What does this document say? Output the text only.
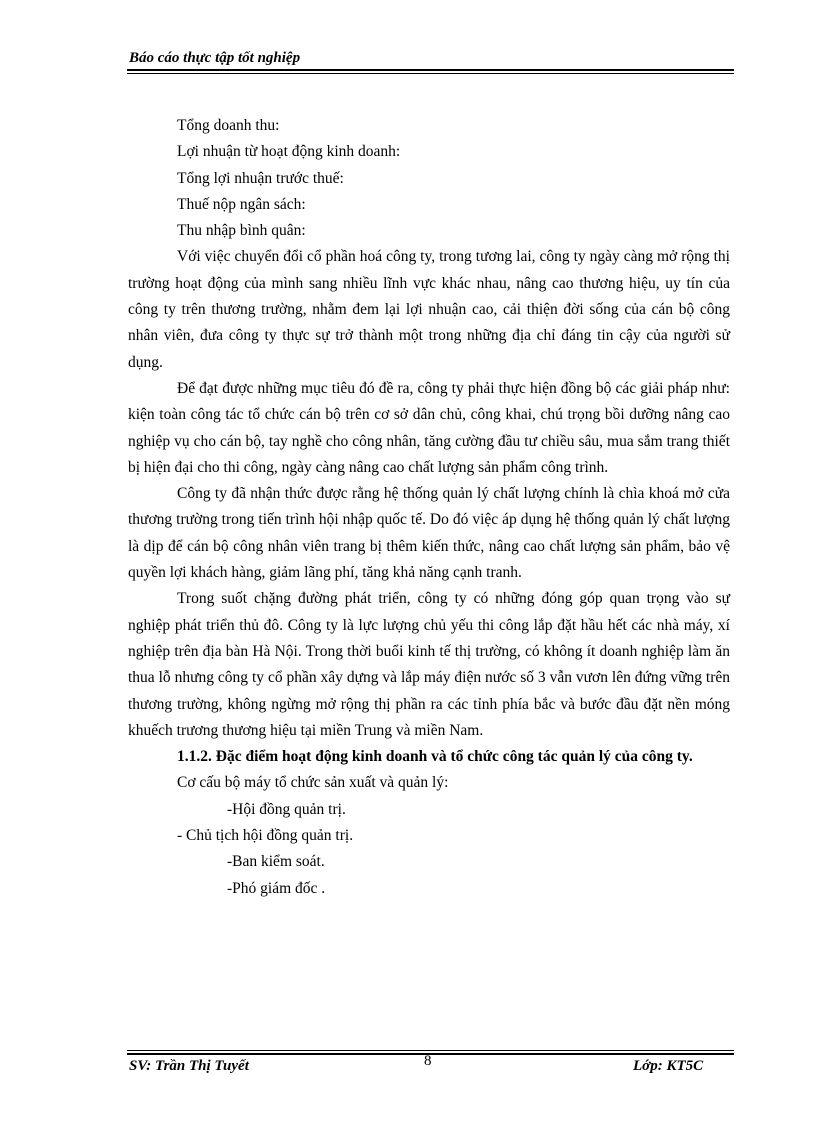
Báo cáo thực tập tốt nghiệp

Tổng doanh thu:

Lợi nhuận từ hoạt động kinh doanh:

Tổng lợi nhuận trước thuế:

Thuế nộp ngân sách:

Thu nhập bình quân:

Với việc chuyển đổi cổ phần hoá công ty, trong tương lai, công ty ngày càng mở rộng thị trường hoạt động của mình sang nhiều lĩnh vực khác nhau, nâng cao thương hiệu, uy tín của công ty trên thương trường, nhằm đem lại lợi nhuận cao, cải thiện đời sống của cán bộ công nhân viên, đưa công ty thực sự trở thành một trong những địa chỉ đáng tin cậy của người sử dụng.

Để đạt được những mục tiêu đó đề ra, công ty phải thực hiện đồng bộ các giải pháp như: kiện toàn công tác tổ chức cán bộ trên cơ sở dân chủ, công khai, chú trọng bồi dưỡng nâng cao nghiệp vụ cho cán bộ, tay nghề cho công nhân, tăng cường đầu tư chiều sâu, mua sắm trang thiết bị hiện đại cho thi công, ngày càng nâng cao chất lượng sản phẩm công trình.

Công ty đã nhận thức được rằng hệ thống quản lý chất lượng chính là chìa khoá mở cửa thương trường trong tiến trình hội nhập quốc tế. Do đó việc áp dụng hệ thống quản lý chất lượng là dịp để cán bộ công nhân viên trang bị thêm kiến thức, nâng cao chất lượng sản phẩm, bảo vệ quyền lợi khách hàng, giảm lãng phí, tăng khả năng cạnh tranh.

Trong suốt chặng đường phát triển, công ty có những đóng góp quan trọng vào sự nghiệp phát triển thủ đô. Công ty là lực lượng chủ yếu thi công lắp đặt hầu hết các nhà máy, xí nghiệp trên địa bàn Hà Nội. Trong thời buổi kinh tế thị trường, có không ít doanh nghiệp làm ăn thua lỗ nhưng công ty cổ phần xây dựng và lắp máy điện nước số 3 vẫn vươn lên đứng vững trên thương trường, không ngừng mở rộng thị phần ra các tỉnh phía bắc và bước đầu đặt nền móng khuếch trương thương hiệu tại miền Trung và miền Nam.

1.1.2. Đặc điểm hoạt động kinh doanh và tổ chức công tác quản lý của công ty.

Cơ cấu bộ máy tổ chức sản xuất và quản lý:

-Hội đồng quản trị.

- Chủ tịch hội đồng quản trị.

-Ban kiểm soát.

-Phó giám đốc .

SV: Trần Thị Tuyết	8	Lớp: KT5C
